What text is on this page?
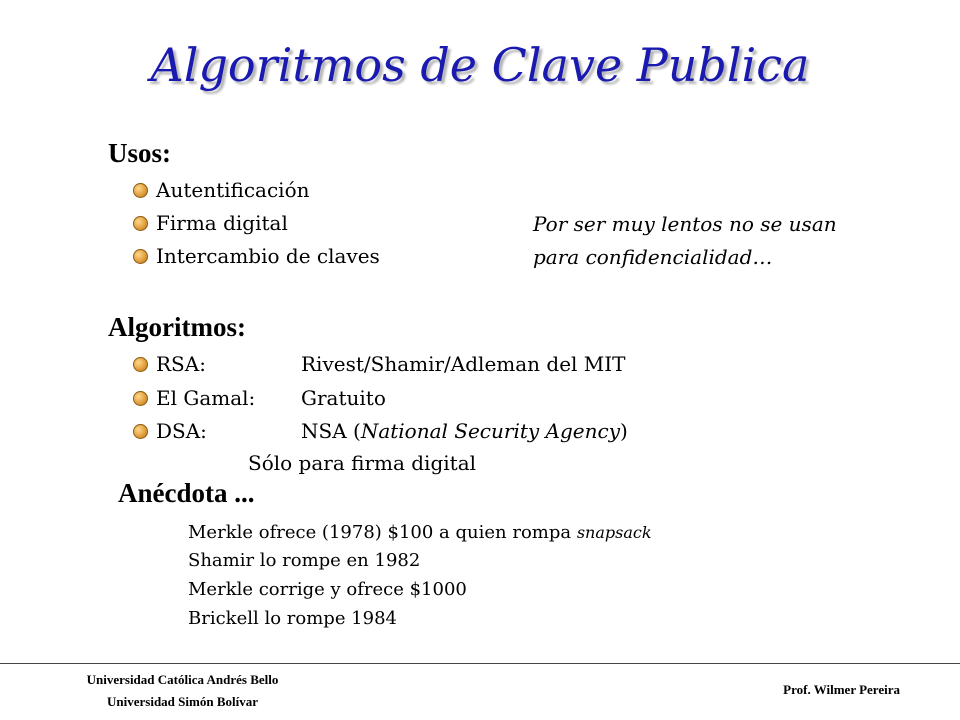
Algoritmos de Clave Publica
Usos:
Autentificación
Firma digital
Intercambio de claves
Por ser muy lentos no se usan
para confidencialidad…
Algoritmos:
RSA:	Rivest/Shamir/Adleman del MIT
El Gamal: Gratuito
DSA:	NSA (National Security Agency)
Sólo para firma digital
Anécdota ...
Merkle ofrece (1978) $100 a quien rompa snapsack
Shamir lo rompe en 1982
Merkle corrige y ofrece $1000
Brickell lo rompe 1984
Universidad Católica Andrés Bello
Universidad Simón Bolívar
Prof. Wilmer Pereira
